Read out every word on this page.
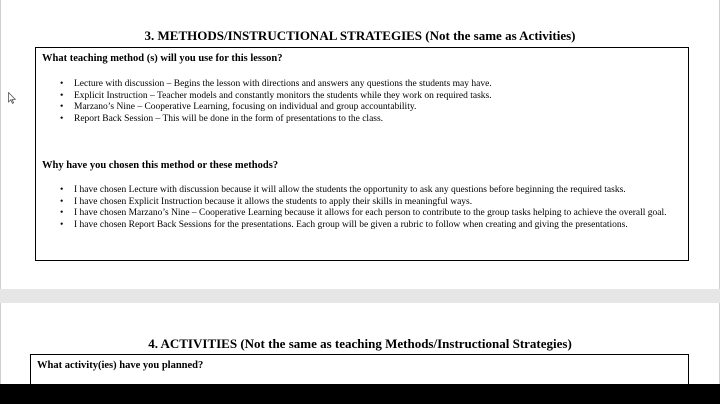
3. METHODS/INSTRUCTIONAL STRATEGIES (Not the same as Activities)
What teaching method (s) will you use for this lesson?
• Lecture with discussion – Begins the lesson with directions and answers any questions the students may have.
• Explicit Instruction – Teacher models and constantly monitors the students while they work on required tasks.
• Marzano’s Nine – Cooperative Learning, focusing on individual and group accountability.
• Report Back Session – This will be done in the form of presentations to the class.
Why have you chosen this method or these methods?
• I have chosen Lecture with discussion because it will allow the students the opportunity to ask any questions before beginning the required tasks.
• I have chosen Explicit Instruction because it allows the students to apply their skills in meaningful ways.
• I have chosen Marzano’s Nine – Cooperative Learning because it allows for each person to contribute to the group tasks helping to achieve the overall goal.
• I have chosen Report Back Sessions for the presentations. Each group will be given a rubric to follow when creating and giving the presentations.
4. ACTIVITIES (Not the same as teaching Methods/Instructional Strategies)
What activity(ies) have you planned?
